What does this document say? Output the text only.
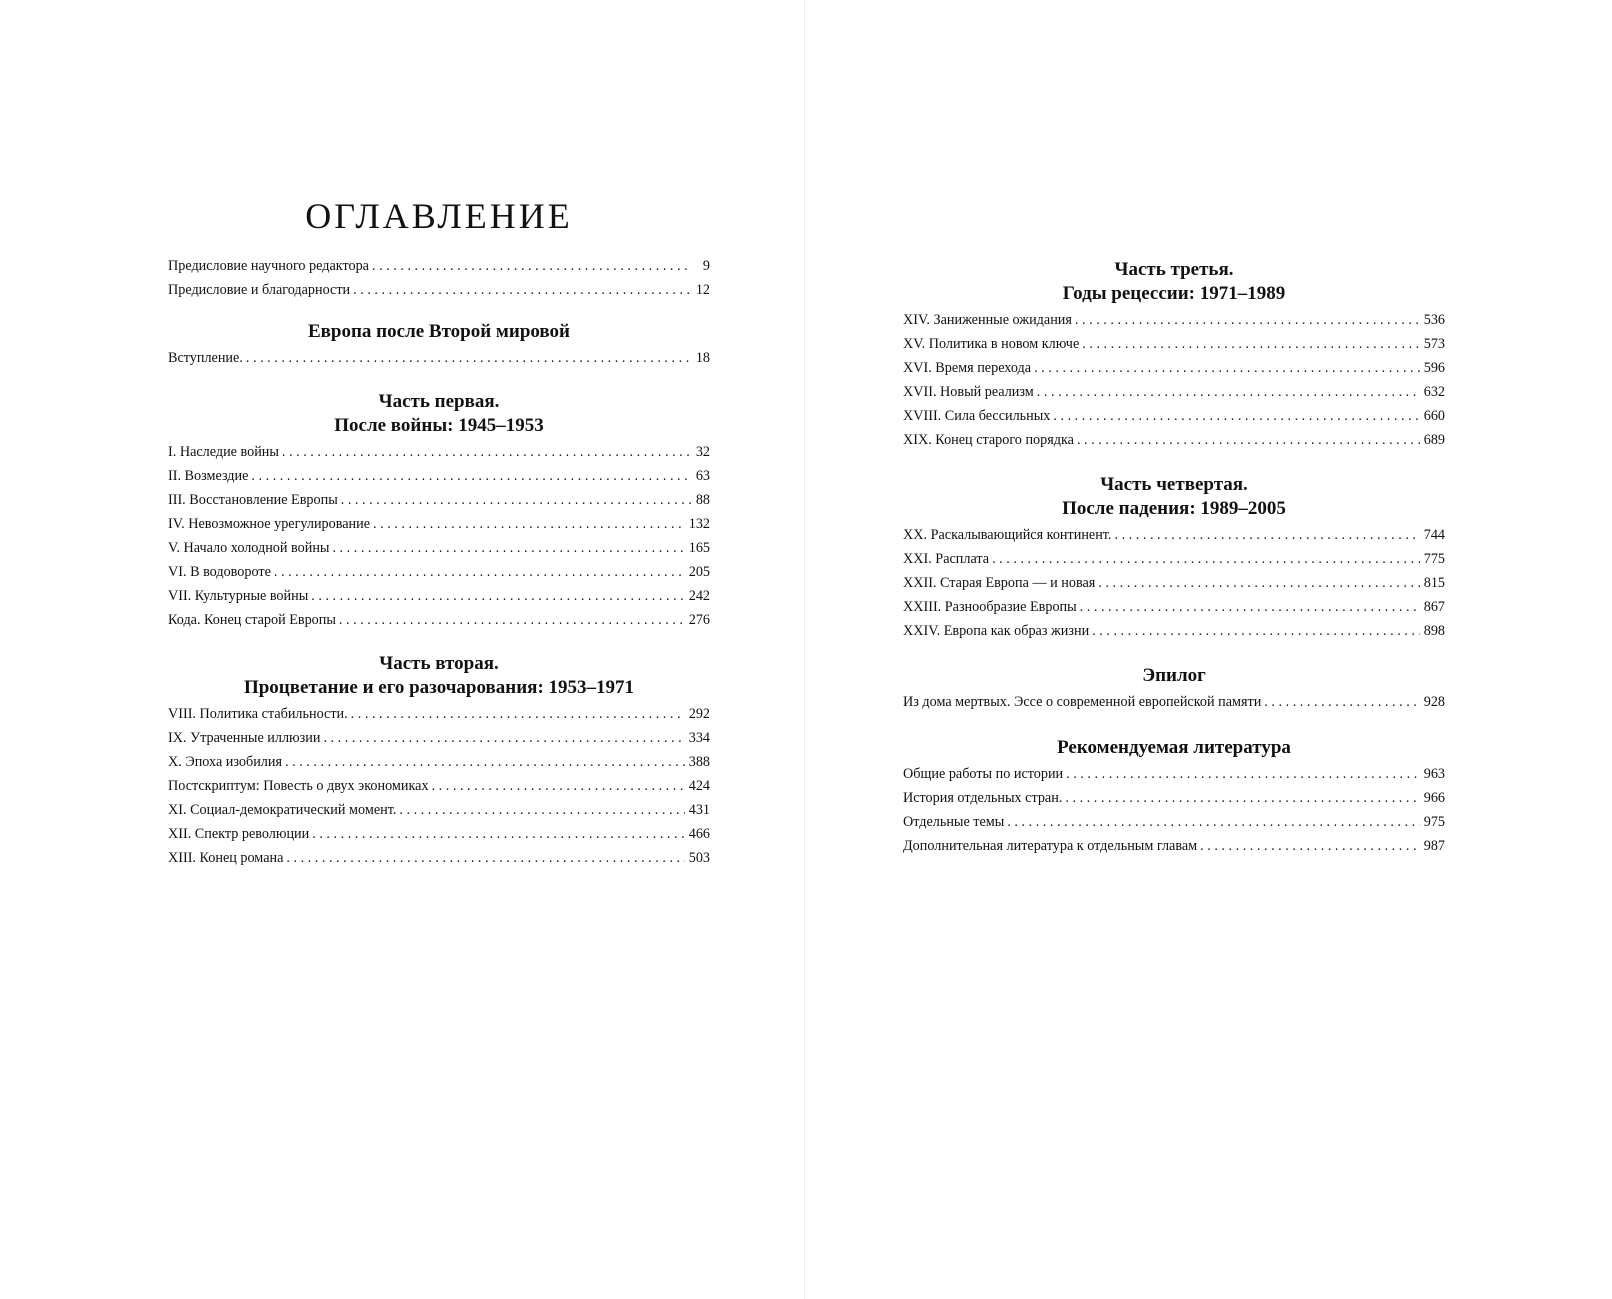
ОГЛАВЛЕНИЕ
Предисловие научного редактора . . .	9
Предисловие и благодарности . . .	12
Европа после Второй мировой
Вступление. . . .	18
Часть первая.
После войны: 1945–1953
I. Наследие войны . . .	32
II. Возмездие . . .	63
III. Восстановление Европы . . .	88
IV. Невозможное урегулирование . . .	132
V. Начало холодной войны . . .	165
VI. В водовороте . . .	205
VII. Культурные войны . . .	242
Кода. Конец старой Европы . . .	276
Часть вторая.
Процветание и его разочарования: 1953–1971
VIII. Политика стабильности. . . .	292
IX. Утраченные иллюзии . . .	334
X. Эпоха изобилия . . .	388
Постскриптум: Повесть о двух экономиках . . .	424
XI. Социал-демократический момент. . . .	431
XII. Спектр революции . . .	466
XIII. Конец романа . . .	503
Часть третья.
Годы рецессии: 1971–1989
XIV. Заниженные ожидания . . .	536
XV. Политика в новом ключе . . .	573
XVI. Время перехода . . .	596
XVII. Новый реализм . . .	632
XVIII. Сила бессильных . . .	660
XIX. Конец старого порядка . . .	689
Часть четвертая.
После падения: 1989–2005
XX. Раскалывающийся континент. . . .	744
XXI. Расплата . . .	775
XXII. Старая Европа — и новая . . .	815
XXIII. Разнообразие Европы . . .	867
XXIV. Европа как образ жизни . . .	898
Эпилог
Из дома мертвых. Эссе о современной европейской памяти . . .	928
Рекомендуемая литература
Общие работы по истории . . .	963
История отдельных стран. . . .	966
Отдельные темы . . .	975
Дополнительная литература к отдельным главам . . .	987
